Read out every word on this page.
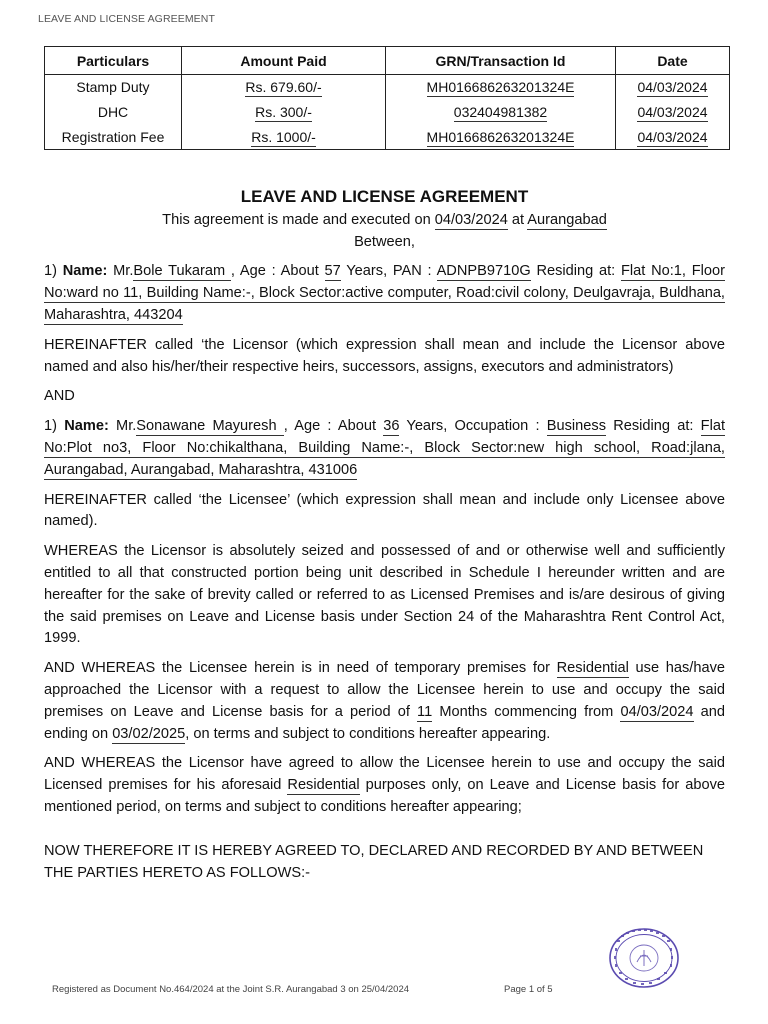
LEAVE AND LICENSE AGREEMENT
Particulars	Amount Paid	GRN/Transaction Id	Date
Stamp Duty	Rs. 679.60/-	MH016686263201324E	04/03/2024
DHC	Rs. 300/-	032404981382	04/03/2024
Registration Fee	Rs. 1000/-	MH016686263201324E	04/03/2024
LEAVE AND LICENSE AGREEMENT
This agreement is made and executed on 04/03/2024 at Aurangabad
Between,
1) Name: Mr.Bole Tukaram , Age : About 57 Years, PAN : ADNPB9710G Residing at: Flat No:1, Floor No:ward no 11, Building Name:-, Block Sector:active computer, Road:civil colony, Deulgavraja, Buldhana, Maharashtra, 443204
HEREINAFTER called ‘the Licensor (which expression shall mean and include the Licensor above named and also his/her/their respective heirs, successors, assigns, executors and administrators)
AND
1) Name: Mr.Sonawane Mayuresh , Age : About 36 Years, Occupation : Business Residing at: Flat No:Plot no3, Floor No:chikalthana, Building Name:-, Block Sector:new high school, Road:jlana, Aurangabad, Aurangabad, Maharashtra, 431006
HEREINAFTER called ‘the Licensee’ (which expression shall mean and include only Licensee above named).
WHEREAS the Licensor is absolutely seized and possessed of and or otherwise well and sufficiently entitled to all that constructed portion being unit described in Schedule I hereunder written and are hereafter for the sake of brevity called or referred to as Licensed Premises and is/are desirous of giving the said premises on Leave and License basis under Section 24 of the Maharashtra Rent Control Act, 1999.
AND WHEREAS the Licensee herein is in need of temporary premises for Residential use has/have approached the Licensor with a request to allow the Licensee herein to use and occupy the said premises on Leave and License basis for a period of 11 Months commencing from 04/03/2024 and ending on 03/02/2025, on terms and subject to conditions hereafter appearing.
AND WHEREAS the Licensor have agreed to allow the Licensee herein to use and occupy the said Licensed premises for his aforesaid Residential purposes only, on Leave and License basis for above mentioned period, on terms and subject to conditions hereafter appearing;
NOW THEREFORE IT IS HEREBY AGREED TO, DECLARED AND RECORDED BY AND BETWEEN THE PARTIES HERETO AS FOLLOWS:-
Registered as Document No.464/2024 at the Joint S.R. Aurangabad 3 on 25/04/2024	Page 1 of 5
